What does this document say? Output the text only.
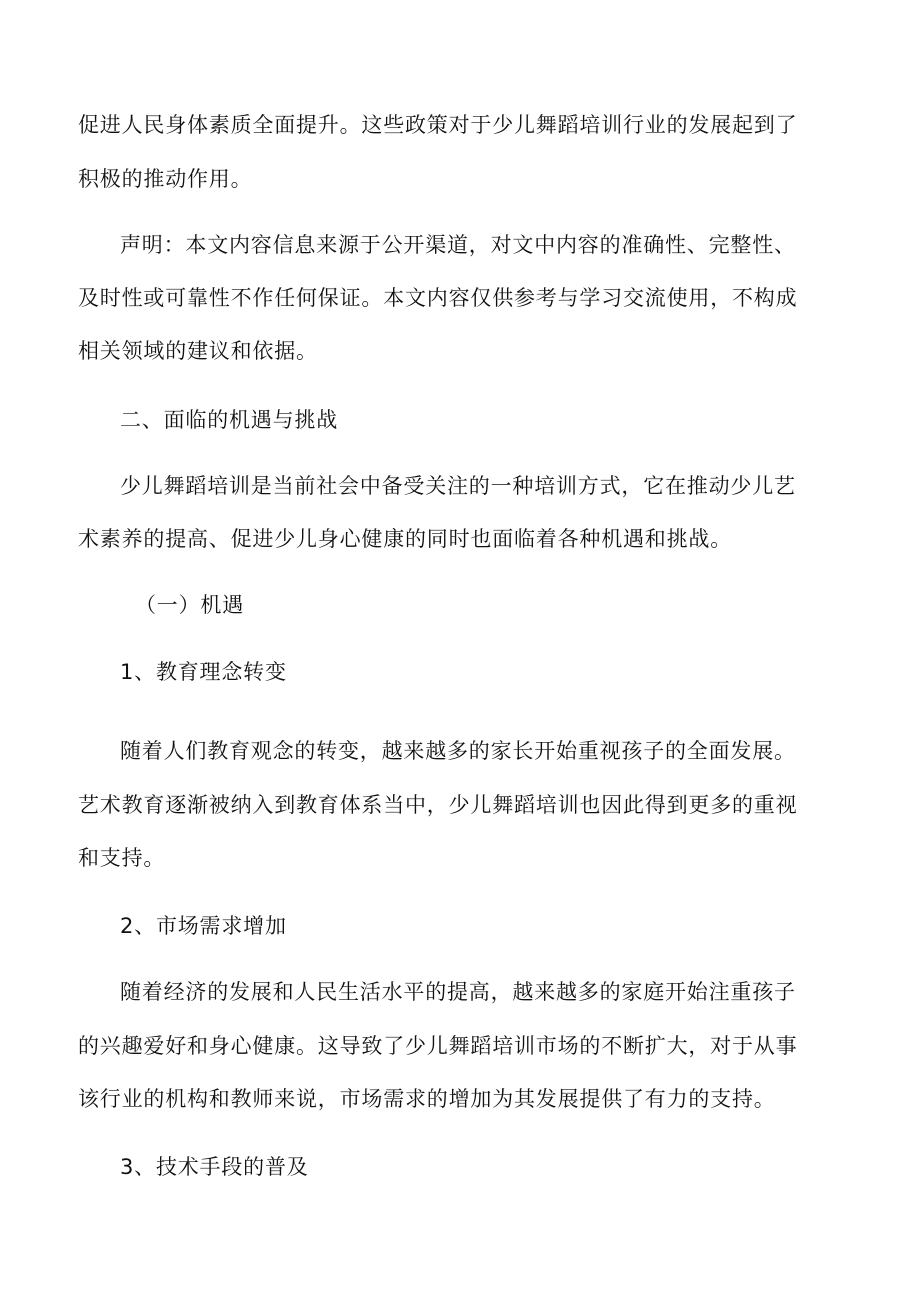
促进人民身体素质全面提升。这些政策对于少儿舞蹈培训行业的发展起到了
积极的推动作用。
声明：本文内容信息来源于公开渠道，对文中内容的准确性、完整性、
及时性或可靠性不作任何保证。本文内容仅供参考与学习交流使用，不构成
相关领域的建议和依据。
二、面临的机遇与挑战
少儿舞蹈培训是当前社会中备受关注的一种培训方式，它在推动少儿艺
术素养的提高、促进少儿身心健康的同时也面临着各种机遇和挑战。
（一）机遇
1、教育理念转变
随着人们教育观念的转变，越来越多的家长开始重视孩子的全面发展。
艺术教育逐渐被纳入到教育体系当中，少儿舞蹈培训也因此得到更多的重视
和支持。
2、市场需求增加
随着经济的发展和人民生活水平的提高，越来越多的家庭开始注重孩子
的兴趣爱好和身心健康。这导致了少儿舞蹈培训市场的不断扩大，对于从事
该行业的机构和教师来说，市场需求的增加为其发展提供了有力的支持。
3、技术手段的普及
